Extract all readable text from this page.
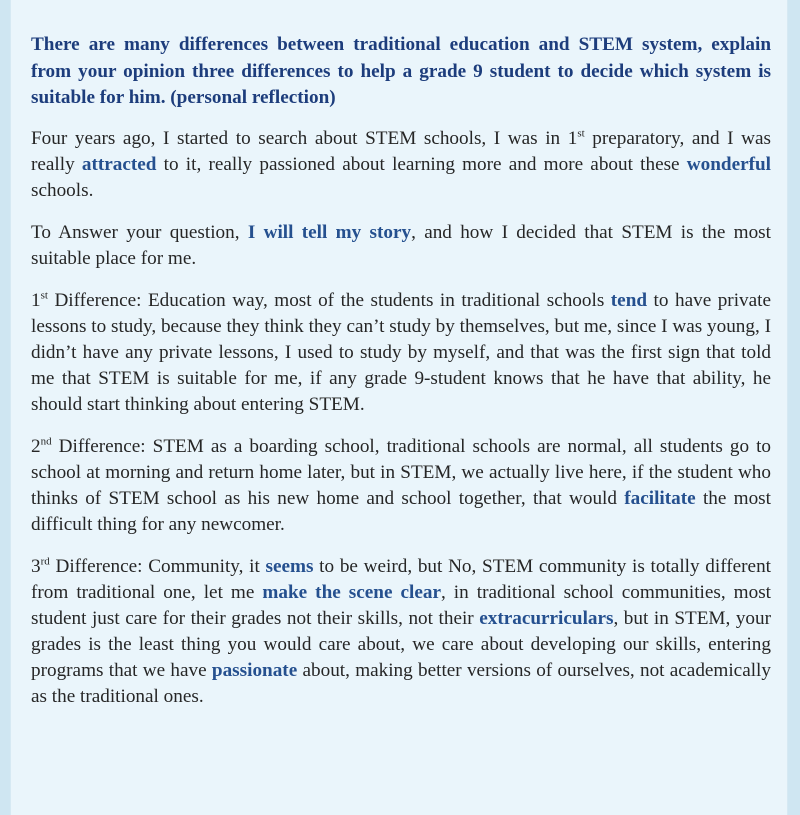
There are many differences between traditional education and STEM system, explain from your opinion three differences to help a grade 9 student to decide which system is suitable for him. (personal reflection)

Four years ago, I started to search about STEM schools, I was in 1st preparatory, and I was really attracted to it, really passioned about learning more and more about these wonderful schools.

To Answer your question, I will tell my story, and how I decided that STEM is the most suitable place for me.

1st Difference: Education way, most of the students in traditional schools tend to have private lessons to study, because they think they can’t study by themselves, but me, since I was young, I didn’t have any private lessons, I used to study by myself, and that was the first sign that told me that STEM is suitable for me, if any grade 9-student knows that he have that ability, he should start thinking about entering STEM.

2nd Difference: STEM as a boarding school, traditional schools are normal, all students go to school at morning and return home later, but in STEM, we actually live here, if the student who thinks of STEM school as his new home and school together, that would facilitate the most difficult thing for any newcomer.

3rd Difference: Community, it seems to be weird, but No, STEM community is totally different from traditional one, let me make the scene clear, in traditional school communities, most student just care for their grades not their skills, not their extracurriculars, but in STEM, your grades is the least thing you would care about, we care about developing our skills, entering programs that we have passionate about, making better versions of ourselves, not academically as the traditional ones.
